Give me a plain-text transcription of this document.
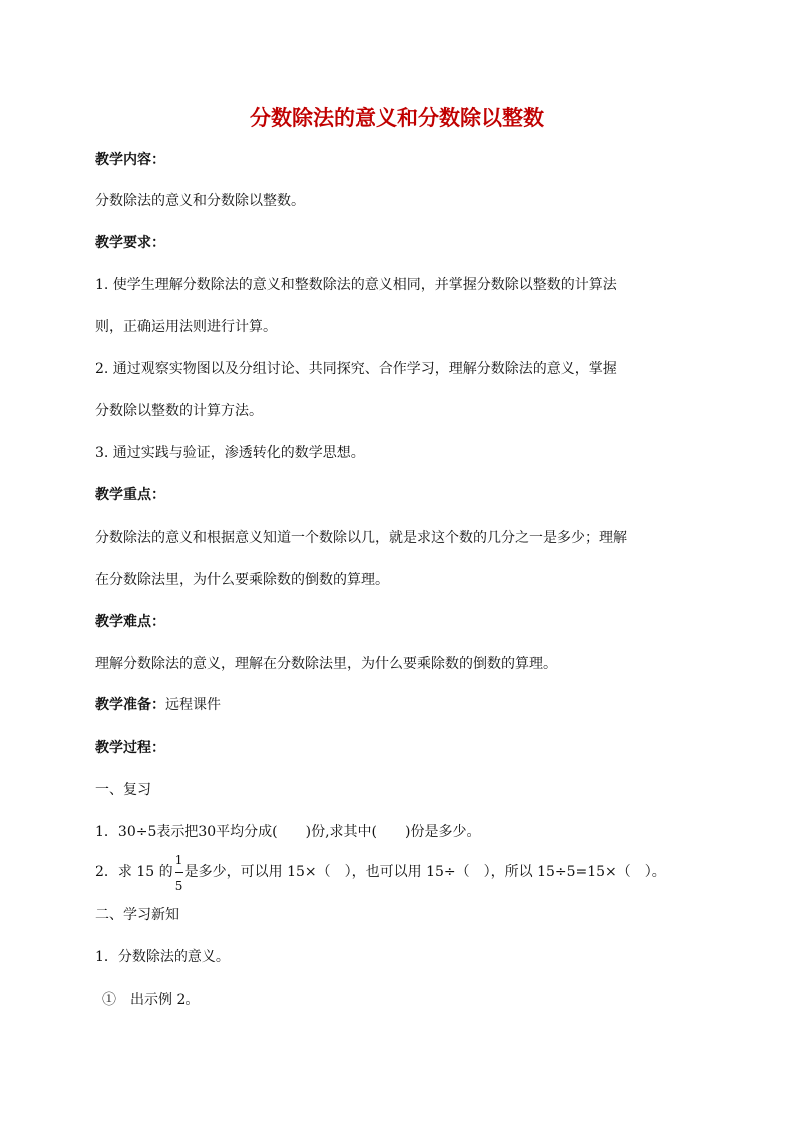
分数除法的意义和分数除以整数
教学内容：
分数除法的意义和分数除以整数。
教学要求：
1. 使学生理解分数除法的意义和整数除法的意义相同，并掌握分数除以整数的计算法
则，正确运用法则进行计算。
2. 通过观察实物图以及分组讨论、共同探究、合作学习，理解分数除法的意义，掌握
分数除以整数的计算方法。
3. 通过实践与验证，渗透转化的数学思想。
教学重点：
分数除法的意义和根据意义知道一个数除以几，就是求这个数的几分之一是多少；理解
在分数除法里，为什么要乘除数的倒数的算理。
教学难点：
理解分数除法的意义，理解在分数除法里，为什么要乘除数的倒数的算理。
教学准备：远程课件
教学过程：
一、复习
1．30÷5表示把30平均分成(　　)份,求其中(　　)份是多少。
2．求 15 的 $\frac{1}{5}$ 是多少，可以用 15×（　），也可以用 15÷（　），所以 15÷5=15×（　）。
二、学习新知
1．分数除法的意义。
①　出示例 2。
